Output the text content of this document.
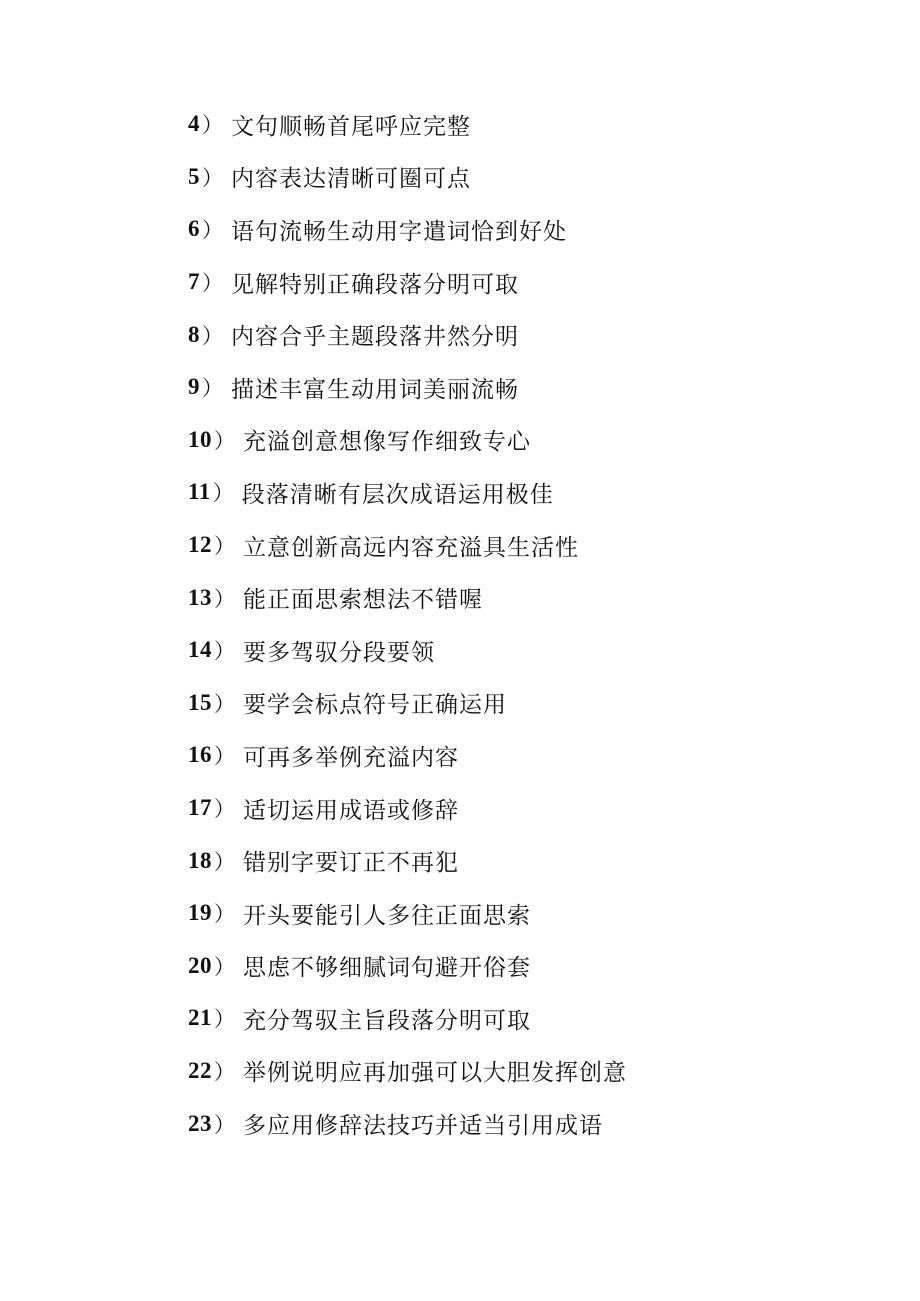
4 ） 文句顺畅首尾呼应完整
5 ） 内容表达清晰可圈可点
6 ） 语句流畅生动用字遣词恰到好处
7 ） 见解特别正确段落分明可取
8 ） 内容合乎主题段落井然分明
9 ） 描述丰富生动用词美丽流畅
10 ） 充溢创意想像写作细致专心
11 ） 段落清晰有层次成语运用极佳
12 ） 立意创新高远内容充溢具生活性
13 ） 能正面思索想法不错喔
14 ） 要多驾驭分段要领
15 ） 要学会标点符号正确运用
16 ） 可再多举例充溢内容
17 ） 适切运用成语或修辞
18 ） 错别字要订正不再犯
19 ） 开头要能引人多往正面思索
20 ） 思虑不够细腻词句避开俗套
21 ） 充分驾驭主旨段落分明可取
22 ） 举例说明应再加强可以大胆发挥创意
23 ） 多应用修辞法技巧并适当引用成语
